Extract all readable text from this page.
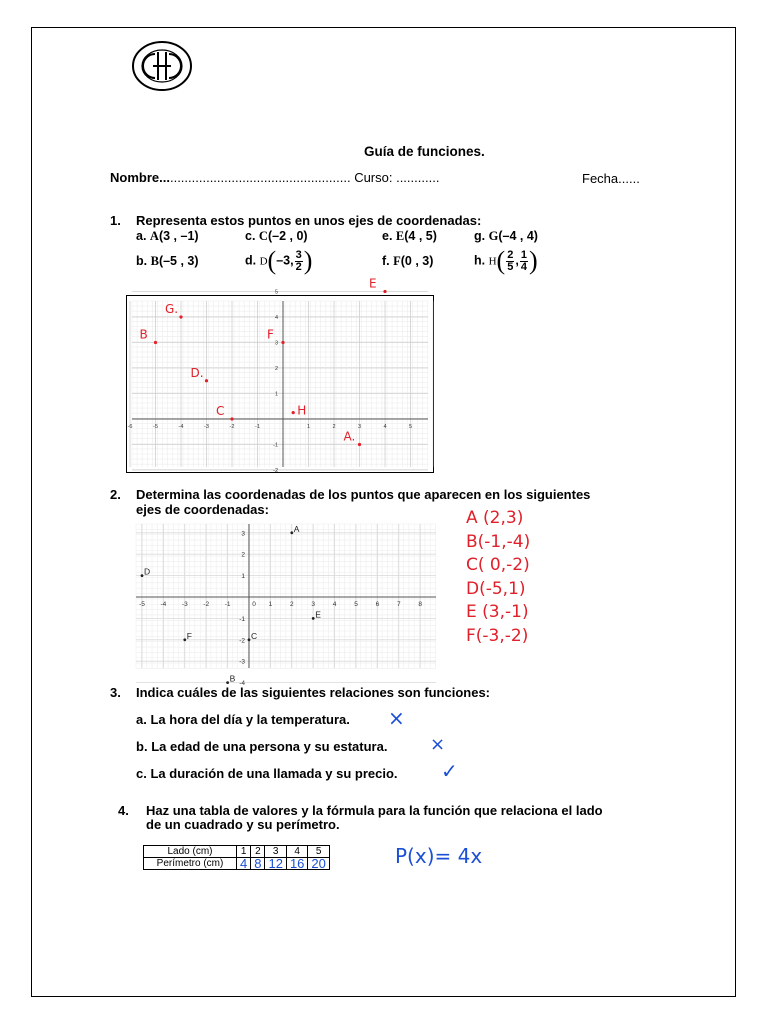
Guía de funciones.
Nombre..................................................... Curso: ............	Fecha......
1. Representa estos puntos en unos ejes de coordenadas:
a. A(3 , –1)	c. C(–2 , 0)	e. E(4 , 5)	g. G(–4 , 4)
b. B(–5 , 3)	d. D(–3, $\frac{3}{2}$ )	f. F(0 , 3)	h. $H( \frac{2}{5}$ , $\frac{1}{4}$ )
-6	-5	-4	-3	-2	-1	1	2	3	4	5
5
4
3
2
1
-1
-2
E
G.
B	F
D.
C	H
A.
2. Determina las coordenadas de los puntos que aparecen en los siguientes
ejes de coordenadas:
-5 -4 -3 -2 -1	0 1	2	3	4	5	6	7	8
3
2
1
-1
-2
-3
-4
A
B
C
D
E
F
A (2,3)
B(-1,-4)
C( 0,-2)
D(-5,1)
E (3,-1)
F(-3,-2)
3. Indica cuáles de las siguientes relaciones son funciones:
a. La hora del día y la temperatura. ×
b. La edad de una persona y su estatura. ×
c. La duración de una llamada y su precio. ✓
4. Haz una tabla de valores y la fórmula para la función que relaciona el lado
de un cuadrado y su perímetro.
Lado (cm)	1	2	3	4	5
Perímetro (cm)	4	8	12	16	20	P(x)= 4x
